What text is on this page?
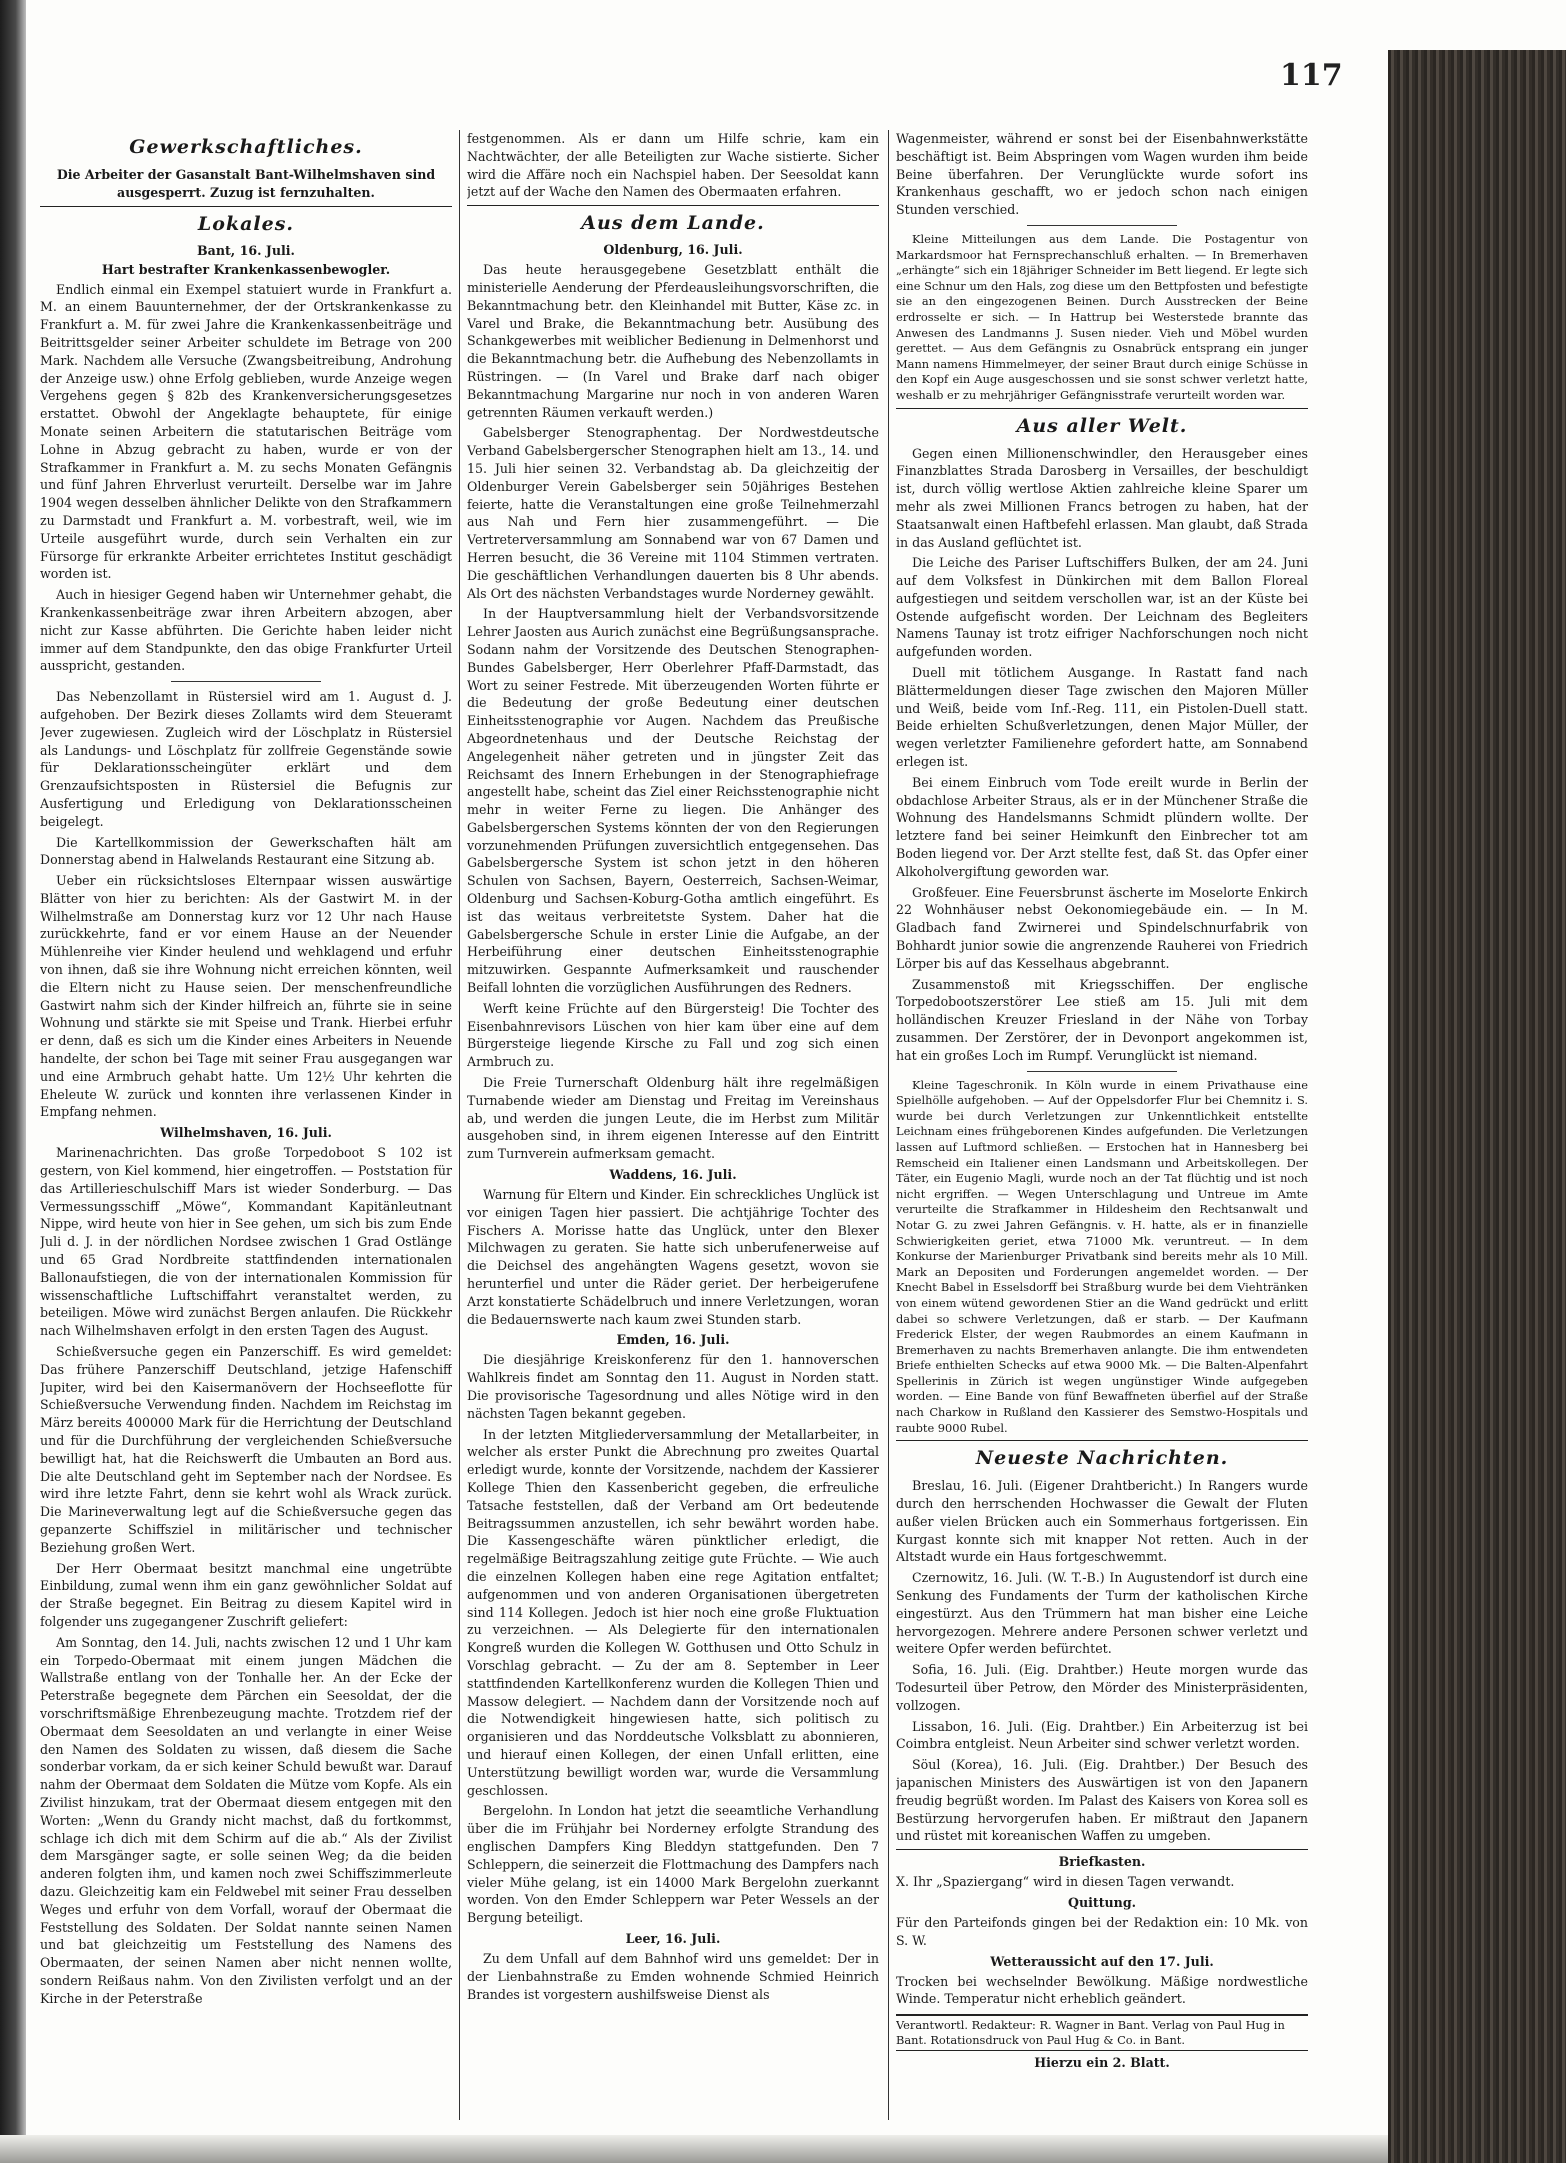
117
Gewerkschaftliches.

Die Arbeiter der Gasanstalt Bant-Wilhelmshaven sind ausgesperrt. Zuzug ist fernzuhalten.

Lokales.
Bant, 16. Juli.
Hart bestrafter Krankenkassenbewogler.

Endlich einmal ein Exempel statuiert wurde in Frankfurt a. M. an einem Bauunternehmer, der der Ortskrankenkasse zu Frankfurt a. M. für zwei Jahre die Krankenkassenbeiträge und Beitrittsgelder seiner Arbeiter schuldete im Betrage von 200 Mark. Nachdem alle Versuche (Zwangsbeitreibung, Androhung der Anzeige usw.) ohne Erfolg geblieben, wurde Anzeige wegen Vergehens gegen § 82b des Krankenversicherungsgesetzes erstattet. Obwohl der Angeklagte behauptete, für einige Monate seinen Arbeitern die statutarischen Beiträge vom Lohne in Abzug gebracht zu haben, wurde er von der Strafkammer in Frankfurt a. M. zu sechs Monaten Gefängnis und fünf Jahren Ehrverlust verurteilt. Derselbe war im Jahre 1904 wegen desselben ähnlicher Delikte von den Strafkammern zu Darmstadt und Frankfurt a. M. vorbestraft, weil, wie im Urteile ausgeführt wurde, durch sein Verhalten ein zur Fürsorge für erkrankte Arbeiter errichtetes Institut geschädigt worden ist.

Auch in hiesiger Gegend haben wir Unternehmer gehabt, die Krankenkassenbeiträge zwar ihren Arbeitern abzogen, aber nicht zur Kasse abführten. Die Gerichte haben leider nicht immer auf dem Standpunkte, den das obige Frankfurter Urteil ausspricht, gestanden.

Das Nebenzollamt in Rüstersiel wird am 1. August d. J. aufgehoben. Der Bezirk dieses Zollamts wird dem Steueramt Jever zugewiesen. Zugleich wird der Löschplatz in Rüstersiel als Landungs- und Löschplatz für zollfreie Gegenstände sowie für Deklarationsscheingüter erklärt und dem Grenzaufsichtsposten in Rüstersiel die Befugnis zur Ausfertigung und Erledigung von Deklarationsscheinen beigelegt.

Die Kartellkommission der Gewerkschaften hält am Donnerstag abend in Halwelands Restaurant eine Sitzung ab.

Ueber ein rücksichtsloses Elternpaar wissen auswärtige Blätter von hier zu berichten: Als der Gastwirt M. in der Wilhelmstraße am Donnerstag kurz vor 12 Uhr nach Hause zurückkehrte, fand er vor einem Hause an der Neuender Mühlenreihe vier Kinder heulend und wehklagend und erfuhr von ihnen, daß sie ihre Wohnung nicht erreichen könnten, weil die Eltern nicht zu Hause seien. Der menschenfreundliche Gastwirt nahm sich der Kinder hilfreich an, führte sie in seine Wohnung und stärkte sie mit Speise und Trank. Hierbei erfuhr er denn, daß es sich um die Kinder eines Arbeiters in Neuende handelte, der schon bei Tage mit seiner Frau ausgegangen war und eine Armbruch gehabt hatte. Um 12½ Uhr kehrten die Eheleute W. zurück und konnten ihre verlassenen Kinder in Empfang nehmen.

Wilhelmshaven, 16. Juli.

Marinenachrichten. Das große Torpedoboot S 102 ist gestern, von Kiel kommend, hier eingetroffen. — Poststation für das Artillerieschulschiff Mars ist wieder Sonderburg. — Das Vermessungsschiff „Möwe“, Kommandant Kapitänleutnant Nippe, wird heute von hier in See gehen, um sich bis zum Ende Juli d. J. in der nördlichen Nordsee zwischen 1 Grad Ostlänge und 65 Grad Nordbreite stattfindenden internationalen Ballonaufstiegen, die von der internationalen Kommission für wissenschaftliche Luftschiffahrt veranstaltet werden, zu beteiligen. Möwe wird zunächst Bergen anlaufen. Die Rückkehr nach Wilhelmshaven erfolgt in den ersten Tagen des August.

Schießversuche gegen ein Panzerschiff. Es wird gemeldet: Das frühere Panzerschiff Deutschland, jetzige Hafenschiff Jupiter, wird bei den Kaisermanövern der Hochseeflotte für Schießversuche Verwendung finden. Nachdem im Reichstag im März bereits 400000 Mark für die Herrichtung der Deutschland und für die Durchführung der vergleichenden Schießversuche bewilligt hat, hat die Reichswerft die Umbauten an Bord aus. Die alte Deutschland geht im September nach der Nordsee. Es wird ihre letzte Fahrt, denn sie kehrt wohl als Wrack zurück. Die Marineverwaltung legt auf die Schießversuche gegen das gepanzerte Schiffsziel in militärischer und technischer Beziehung großen Wert.

Der Herr Obermaat besitzt manchmal eine ungetrübte Einbildung, zumal wenn ihm ein ganz gewöhnlicher Soldat auf der Straße begegnet. Ein Beitrag zu diesem Kapitel wird in folgender uns zugegangener Zuschrift geliefert:

Am Sonntag, den 14. Juli, nachts zwischen 12 und 1 Uhr kam ein Torpedo-Obermaat mit einem jungen Mädchen die Wallstraße entlang von der Tonhalle her. An der Ecke der Peterstraße begegnete dem Pärchen ein Seesoldat, der die vorschriftsmäßige Ehrenbezeugung machte. Trotzdem rief der Obermaat dem Seesoldaten an und verlangte in einer Weise den Namen des Soldaten zu wissen, daß diesem die Sache sonderbar vorkam, da er sich keiner Schuld bewußt war. Darauf nahm der Obermaat dem Soldaten die Mütze vom Kopfe. Als ein Zivilist hinzukam, trat der Obermaat diesem entgegen mit den Worten: „Wenn du Grandy nicht machst, daß du fortkommst, schlage ich dich mit dem Schirm auf die ab.“ Als der Zivilist dem Marsgänger sagte, er solle seinen Weg; da die beiden anderen folgten ihm, und kamen noch zwei Schiffszimmerleute dazu. Gleichzeitig kam ein Feldwebel mit seiner Frau desselben Weges und erfuhr von dem Vorfall, worauf der Obermaat die Feststellung des Soldaten. Der Soldat nannte seinen Namen und bat gleichzeitig um Feststellung des Namens des Obermaaten, der seinen Namen aber nicht nennen wollte, sondern Reißaus nahm. Von den Zivilisten verfolgt und an der Kirche in der Peterstraße

festgenommen. Als er dann um Hilfe schrie, kam ein Nachtwächter, der alle Beteiligten zur Wache sistierte. Sicher wird die Affäre noch ein Nachspiel haben. Der Seesoldat kann jetzt auf der Wache den Namen des Obermaaten erfahren.

Aus dem Lande.
Oldenburg, 16. Juli.

Das heute herausgegebene Gesetzblatt enthält die ministerielle Aenderung der Pferdeausleihungsvorschriften, die Bekanntmachung betr. den Kleinhandel mit Butter, Käse zc. in Varel und Brake, die Bekanntmachung betr. Ausübung des Schankgewerbes mit weiblicher Bedienung in Delmenhorst und die Bekanntmachung betr. die Aufhebung des Nebenzollamts in Rüstringen. — (In Varel und Brake darf nach obiger Bekanntmachung Margarine nur noch in von anderen Waren getrennten Räumen verkauft werden.)

Gabelsberger Stenographentag. Der Nordwestdeutsche Verband Gabelsbergerscher Stenographen hielt am 13., 14. und 15. Juli hier seinen 32. Verbandstag ab. Da gleichzeitig der Oldenburger Verein Gabelsberger sein 50jähriges Bestehen feierte, hatte die Veranstaltungen eine große Teilnehmerzahl aus Nah und Fern hier zusammengeführt. — Die Vertreterversammlung am Sonnabend war von 67 Damen und Herren besucht, die 36 Vereine mit 1104 Stimmen vertraten. Die geschäftlichen Verhandlungen dauerten bis 8 Uhr abends. Als Ort des nächsten Verbandstages wurde Norderney gewählt.

In der Hauptversammlung hielt der Verbandsvorsitzende Lehrer Jaosten aus Aurich zunächst eine Begrüßungsansprache. Sodann nahm der Vorsitzende des Deutschen Stenographen-Bundes Gabelsberger, Herr Oberlehrer Pfaff-Darmstadt, das Wort zu seiner Festrede. Mit überzeugenden Worten führte er die Bedeutung der große Bedeutung einer deutschen Einheitsstenographie vor Augen. Nachdem das Preußische Abgeordnetenhaus und der Deutsche Reichstag der Angelegenheit näher getreten und in jüngster Zeit das Reichsamt des Innern Erhebungen in der Stenographiefrage angestellt habe, scheint das Ziel einer Reichsstenographie nicht mehr in weiter Ferne zu liegen. Die Anhänger des Gabelsbergerschen Systems könnten der von den Regierungen vorzunehmenden Prüfungen zuversichtlich entgegensehen. Das Gabelsbergersche System ist schon jetzt in den höheren Schulen von Sachsen, Bayern, Oesterreich, Sachsen-Weimar, Oldenburg und Sachsen-Koburg-Gotha amtlich eingeführt. Es ist das weitaus verbreitetste System. Daher hat die Gabelsbergersche Schule in erster Linie die Aufgabe, an der Herbeiführung einer deutschen Einheitsstenographie mitzuwirken. Gespannte Aufmerksamkeit und rauschender Beifall lohnten die vorzüglichen Ausführungen des Redners.

Werft keine Früchte auf den Bürgersteig! Die Tochter des Eisenbahnrevisors Lüschen von hier kam über eine auf dem Bürgersteige liegende Kirsche zu Fall und zog sich einen Armbruch zu.

Die Freie Turnerschaft Oldenburg hält ihre regelmäßigen Turnabende wieder am Dienstag und Freitag im Vereinshaus ab, und werden die jungen Leute, die im Herbst zum Militär ausgehoben sind, in ihrem eigenen Interesse auf den Eintritt zum Turnverein aufmerksam gemacht.

Waddens, 16. Juli.

Warnung für Eltern und Kinder. Ein schreckliches Unglück ist vor einigen Tagen hier passiert. Die achtjährige Tochter des Fischers A. Morisse hatte das Unglück, unter den Blexer Milchwagen zu geraten. Sie hatte sich unberufenerweise auf die Deichsel des angehängten Wagens gesetzt, wovon sie herunterfiel und unter die Räder geriet. Der herbeigerufene Arzt konstatierte Schädelbruch und innere Verletzungen, woran die Bedauernswerte nach kaum zwei Stunden starb.

Emden, 16. Juli.

Die diesjährige Kreiskonferenz für den 1. hannoverschen Wahlkreis findet am Sonntag den 11. August in Norden statt. Die provisorische Tagesordnung und alles Nötige wird in den nächsten Tagen bekannt gegeben.

In der letzten Mitgliederversammlung der Metallarbeiter, in welcher als erster Punkt die Abrechnung pro zweites Quartal erledigt wurde, konnte der Vorsitzende, nachdem der Kassierer Kollege Thien den Kassenbericht gegeben, die erfreuliche Tatsache feststellen, daß der Verband am Ort bedeutende Beitragssummen anzustellen, ich sehr bewährt worden habe. Die Kassengeschäfte wären pünktlicher erledigt, die regelmäßige Beitragszahlung zeitige gute Früchte. — Wie auch die einzelnen Kollegen haben eine rege Agitation entfaltet; aufgenommen und von anderen Organisationen übergetreten sind 114 Kollegen. Jedoch ist hier noch eine große Fluktuation zu verzeichnen. — Als Delegierte für den internationalen Kongreß wurden die Kollegen W. Gotthusen und Otto Schulz in Vorschlag gebracht. — Zu der am 8. September in Leer stattfindenden Kartellkonferenz wurden die Kollegen Thien und Massow delegiert. — Nachdem dann der Vorsitzende noch auf die Notwendigkeit hingewiesen hatte, sich politisch zu organisieren und das Norddeutsche Volksblatt zu abonnieren, und hierauf einen Kollegen, der einen Unfall erlitten, eine Unterstützung bewilligt worden war, wurde die Versammlung geschlossen.

Bergelohn. In London hat jetzt die seeamtliche Verhandlung über die im Frühjahr bei Norderney erfolgte Strandung des englischen Dampfers King Bleddyn stattgefunden. Den 7 Schleppern, die seinerzeit die Flottmachung des Dampfers nach vieler Mühe gelang, ist ein 14000 Mark Bergelohn zuerkannt worden. Von den Emder Schleppern war Peter Wessels an der Bergung beteiligt.

Leer, 16. Juli.

Zu dem Unfall auf dem Bahnhof wird uns gemeldet: Der in der Lienbahnstraße zu Emden wohnende Schmied Heinrich Brandes ist vorgestern aushilfsweise Dienst als

Wagenmeister, während er sonst bei der Eisenbahnwerkstätte beschäftigt ist. Beim Abspringen vom Wagen wurden ihm beide Beine überfahren. Der Verunglückte wurde sofort ins Krankenhaus geschafft, wo er jedoch schon nach einigen Stunden verschied.

Kleine Mitteilungen aus dem Lande. Die Postagentur von Markardsmoor hat Fernsprechanschluß erhalten. — In Bremerhaven „erhängte“ sich ein 18jähriger Schneider im Bett liegend. Er legte sich eine Schnur um den Hals, zog diese um den Bettpfosten und befestigte sie an den eingezogenen Beinen. Durch Ausstrecken der Beine erdrosselte er sich. — In Hattrup bei Westerstede brannte das Anwesen des Landmanns J. Susen nieder. Vieh und Möbel wurden gerettet. — Aus dem Gefängnis zu Osnabrück entsprang ein junger Mann namens Himmelmeyer, der seiner Braut durch einige Schüsse in den Kopf ein Auge ausgeschossen und sie sonst schwer verletzt hatte, weshalb er zu mehrjähriger Gefängnisstrafe verurteilt worden war.

Aus aller Welt.

Gegen einen Millionenschwindler, den Herausgeber eines Finanzblattes Strada Darosberg in Versailles, der beschuldigt ist, durch völlig wertlose Aktien zahlreiche kleine Sparer um mehr als zwei Millionen Francs betrogen zu haben, hat der Staatsanwalt einen Haftbefehl erlassen. Man glaubt, daß Strada in das Ausland geflüchtet ist.

Die Leiche des Pariser Luftschiffers Bulken, der am 24. Juni auf dem Volksfest in Dünkirchen mit dem Ballon Floreal aufgestiegen und seitdem verschollen war, ist an der Küste bei Ostende aufgefischt worden. Der Leichnam des Begleiters Namens Taunay ist trotz eifriger Nachforschungen noch nicht aufgefunden worden.

Duell mit tötlichem Ausgange. In Rastatt fand nach Blättermeldungen dieser Tage zwischen den Majoren Müller und Weiß, beide vom Inf.-Reg. 111, ein Pistolen-Duell statt. Beide erhielten Schußverletzungen, denen Major Müller, der wegen verletzter Familienehre gefordert hatte, am Sonnabend erlegen ist.

Bei einem Einbruch vom Tode ereilt wurde in Berlin der obdachlose Arbeiter Straus, als er in der Münchener Straße die Wohnung des Handelsmanns Schmidt plündern wollte. Der letztere fand bei seiner Heimkunft den Einbrecher tot am Boden liegend vor. Der Arzt stellte fest, daß St. das Opfer einer Alkoholvergiftung geworden war.

Großfeuer. Eine Feuersbrunst äscherte im Moselorte Enkirch 22 Wohnhäuser nebst Oekonomiegebäude ein. — In M. Gladbach fand Zwirnerei und Spindelschnurfabrik von Bohhardt junior sowie die angrenzende Rauherei von Friedrich Lörper bis auf das Kesselhaus abgebrannt.

Zusammenstoß mit Kriegsschiffen. Der englische Torpedobootszerstörer Lee stieß am 15. Juli mit dem holländischen Kreuzer Friesland in der Nähe von Torbay zusammen. Der Zerstörer, der in Devonport angekommen ist, hat ein großes Loch im Rumpf. Verunglückt ist niemand.

Kleine Tageschronik. In Köln wurde in einem Privathause eine Spielhölle aufgehoben. — Auf der Oppelsdorfer Flur bei Chemnitz i. S. wurde bei durch Verletzungen zur Unkenntlichkeit entstellte Leichnam eines frühgeborenen Kindes aufgefunden. Die Verletzungen lassen auf Luftmord schließen. — Erstochen hat in Hannesberg bei Remscheid ein Italiener einen Landsmann und Arbeitskollegen. Der Täter, ein Eugenio Magli, wurde noch an der Tat flüchtig und ist noch nicht ergriffen. — Wegen Unterschlagung und Untreue im Amte verurteilte die Strafkammer in Hildesheim den Rechtsanwalt und Notar G. zu zwei Jahren Gefängnis. v. H. hatte, als er in finanzielle Schwierigkeiten geriet, etwa 71000 Mk. veruntreut. — In dem Konkurse der Marienburger Privatbank sind bereits mehr als 10 Mill. Mark an Depositen und Forderungen angemeldet worden. — Der Knecht Babel in Esselsdorff bei Straßburg wurde bei dem Viehtränken von einem wütend gewordenen Stier an die Wand gedrückt und erlitt dabei so schwere Verletzungen, daß er starb. — Der Kaufmann Frederick Elster, der wegen Raubmordes an einem Kaufmann in Bremerhaven zu nachts Bremerhaven anlangte. Die ihm entwendeten Briefe enthielten Schecks auf etwa 9000 Mk. — Die Balten-Alpenfahrt Spellerinis in Zürich ist wegen ungünstiger Winde aufgegeben worden. — Eine Bande von fünf Bewaffneten überfiel auf der Straße nach Charkow in Rußland den Kassierer des Semstwo-Hospitals und raubte 9000 Rubel.

Neueste Nachrichten.

Breslau, 16. Juli. (Eigener Drahtbericht.) In Rangers wurde durch den herrschenden Hochwasser die Gewalt der Fluten außer vielen Brücken auch ein Sommerhaus fortgerissen. Ein Kurgast konnte sich mit knapper Not retten. Auch in der Altstadt wurde ein Haus fortgeschwemmt.

Czernowitz, 16. Juli. (W. T.-B.) In Augustendorf ist durch eine Senkung des Fundaments der Turm der katholischen Kirche eingestürzt. Aus den Trümmern hat man bisher eine Leiche hervorgezogen. Mehrere andere Personen schwer verletzt und weitere Opfer werden befürchtet.

Sofia, 16. Juli. (Eig. Drahtber.) Heute morgen wurde das Todesurteil über Petrow, den Mörder des Ministerpräsidenten, vollzogen.

Lissabon, 16. Juli. (Eig. Drahtber.) Ein Arbeiterzug ist bei Coimbra entgleist. Neun Arbeiter sind schwer verletzt worden.

Söul (Korea), 16. Juli. (Eig. Drahtber.) Der Besuch des japanischen Ministers des Auswärtigen ist von den Japanern freudig begrüßt worden. Im Palast des Kaisers von Korea soll es Bestürzung hervorgerufen haben. Er mißtraut den Japanern und rüstet mit koreanischen Waffen zu umgeben.

Briefkasten.

X. Ihr „Spaziergang“ wird in diesen Tagen verwandt.

Quittung.

Für den Parteifonds gingen bei der Redaktion ein: 10 Mk. von S. W.

Wetteraussicht auf den 17. Juli.

Trocken bei wechselnder Bewölkung. Mäßige nordwestliche Winde. Temperatur nicht erheblich geändert.

Verantwortl. Redakteur: R. Wagner in Bant. Verlag von Paul Hug in Bant. Rotationsdruck von Paul Hug & Co. in Bant.
Hierzu ein 2. Blatt.
